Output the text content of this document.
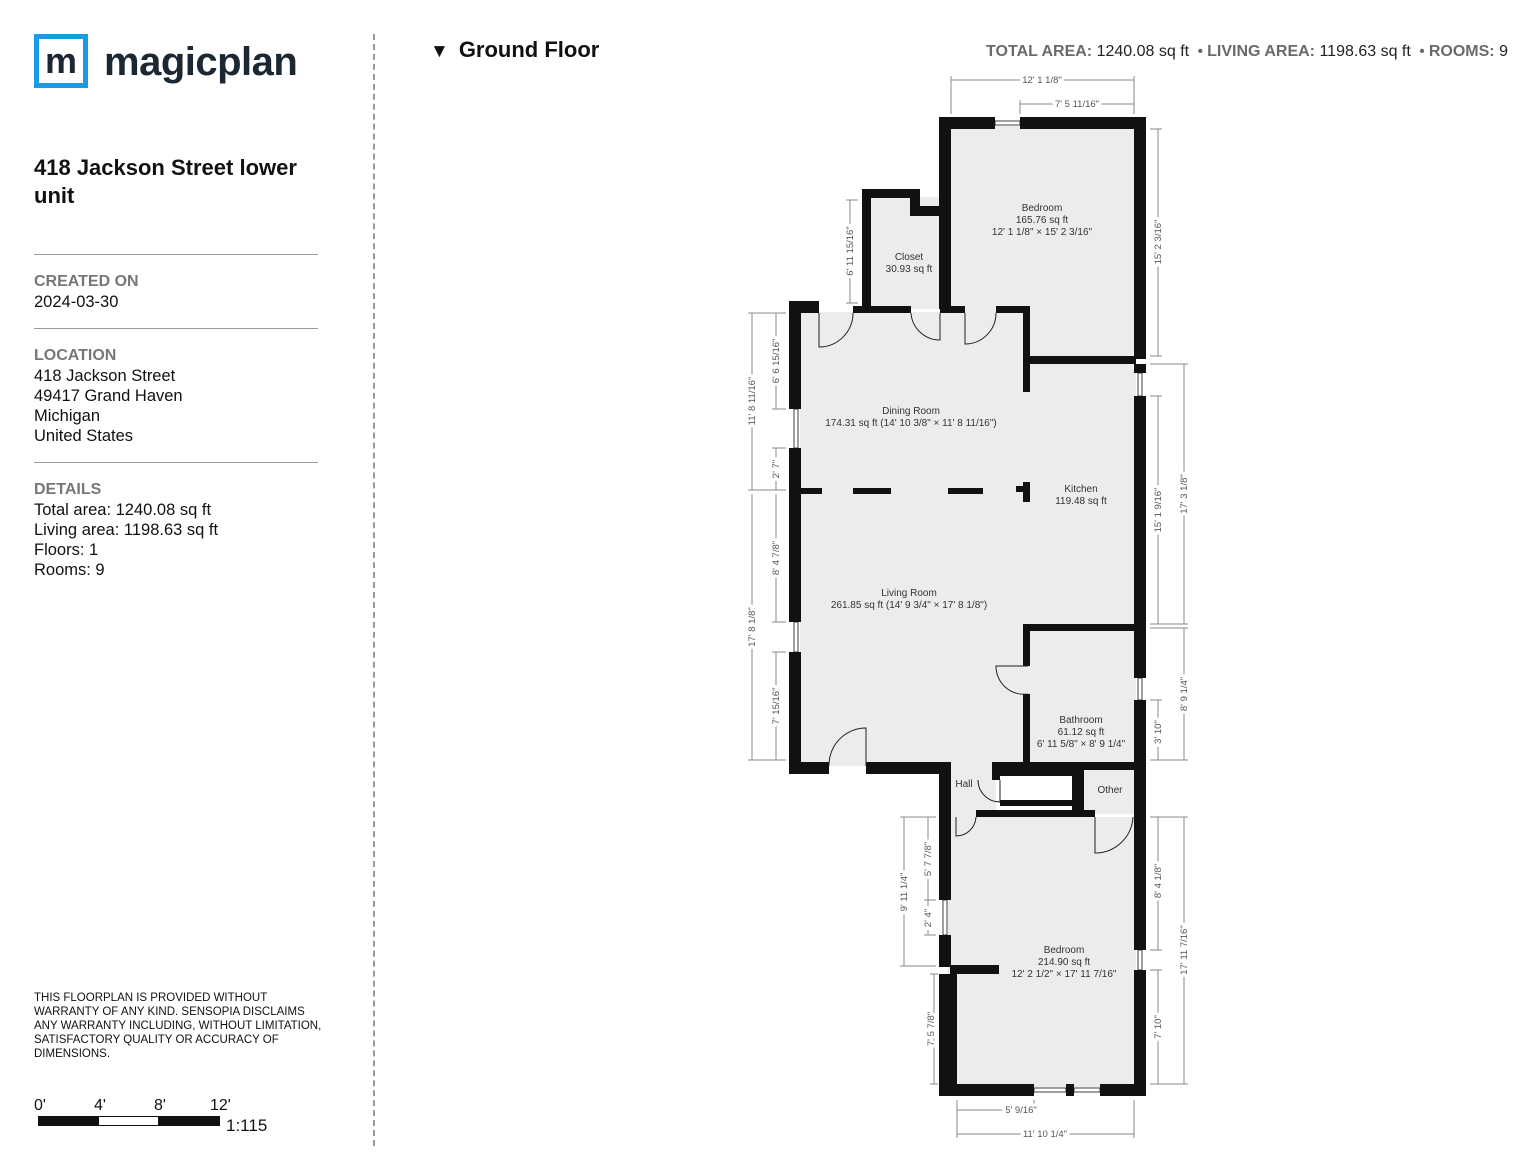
m magicplan
418 Jackson Street lower unit
CREATED ON
2024-03-30
LOCATION
418 Jackson Street
49417 Grand Haven
Michigan
United States
DETAILS
Total area: 1240.08 sq ft
Living area: 1198.63 sq ft
Floors: 1
Rooms: 9
THIS FLOORPLAN IS PROVIDED WITHOUT WARRANTY OF ANY KIND. SENSOPIA DISCLAIMS ANY WARRANTY INCLUDING, WITHOUT LIMITATION, SATISFACTORY QUALITY OR ACCURACY OF DIMENSIONS.
0'	4'	8'	12'
1:115
▼ Ground Floor	TOTAL AREA: 1240.08 sq ft • LIVING AREA: 1198.63 sq ft • ROOMS: 9
Bedroom
165.76 sq ft
12' 1 1/8" × 15' 2 3/16"
Closet
30.93 sq ft
Dining Room
174.31 sq ft (14' 10 3/8" × 11' 8 11/16")
Kitchen
119.48 sq ft
Living Room
261.85 sq ft (14' 9 3/4" × 17' 8 1/8")
Bathroom
61.12 sq ft
6' 11 5/8" × 8' 9 1/4"
Hall
Other
Bedroom
214.90 sq ft
12' 2 1/2" × 17' 11 7/16"
12' 1 1/8"
7' 5 11/16"
5' 9/16"
11' 10 1/4"
15' 2 3/16"
6' 11 15/16"
11' 8 11/16"
6' 6 15/16"
2' 7"
17' 3 1/8"
15' 1 9/16"
17' 8 1/8"
8' 4 7/8"
7' 15/16"	8' 9 1/4"
3' 10"
9' 11 1/4"
5' 7 7/8"
2' 4"
7' 5 7/8"
17' 11 7/16"
8' 4 1/8"
7' 10"
